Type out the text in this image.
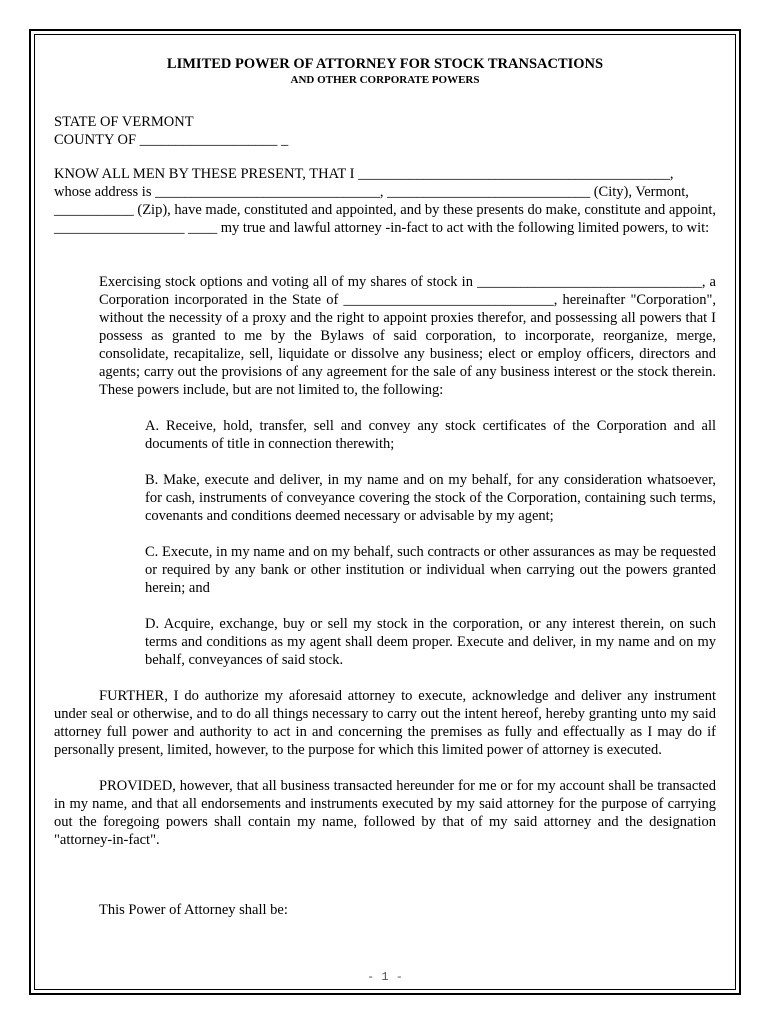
LIMITED POWER OF ATTORNEY FOR STOCK TRANSACTIONS

AND OTHER CORPORATE POWERS

STATE OF VERMONT

COUNTY OF ___________________ _

KNOW ALL MEN BY THESE PRESENT, THAT I ___________________________________________,

whose address is _______________________________, ____________________________ (City), Vermont,

___________ (Zip), have made, constituted and appointed, and by these presents do make, constitute and appoint, __________________ ____ my true and lawful attorney -in-fact to act with the following limited powers, to wit:

Exercising stock options and voting all of my shares of stock in _______________________________, a Corporation incorporated in the State of _____________________________, hereinafter "Corporation", without the necessity of a proxy and the right to appoint proxies therefor, and possessing all powers that I possess as granted to me by the Bylaws of said corporation, to incorporate, reorganize, merge, consolidate, recapitalize, sell, liquidate or dissolve any business; elect or employ officers, directors and agents; carry out the provisions of any agreement for the sale of any business interest or the stock therein. These powers include, but are not limited to, the following:

A. Receive, hold, transfer, sell and convey any stock certificates of the Corporation and all documents of title in connection therewith;

B. Make, execute and deliver, in my name and on my behalf, for any consideration whatsoever, for cash, instruments of conveyance covering the stock of the Corporation, containing such terms, covenants and conditions deemed necessary or advisable by my agent;

C. Execute, in my name and on my behalf, such contracts or other assurances as may be requested or required by any bank or other institution or individual when carrying out the powers granted herein; and

D. Acquire, exchange, buy or sell my stock in the corporation, or any interest therein, on such terms and conditions as my agent shall deem proper. Execute and deliver, in my name and on my behalf, conveyances of said stock.

FURTHER, I do authorize my aforesaid attorney to execute, acknowledge and deliver any instrument under seal or otherwise, and to do all things necessary to carry out the intent hereof, hereby granting unto my said attorney full power and authority to act in and concerning the premises as fully and effectually as I may do if personally present, limited, however, to the purpose for which this limited power of attorney is executed.

PROVIDED, however, that all business transacted hereunder for me or for my account shall be transacted in my name, and that all endorsements and instruments executed by my said attorney for the purpose of carrying out the foregoing powers shall contain my name, followed by that of my said attorney and the designation "attorney-in-fact".

This Power of Attorney shall be:

- 1 -
